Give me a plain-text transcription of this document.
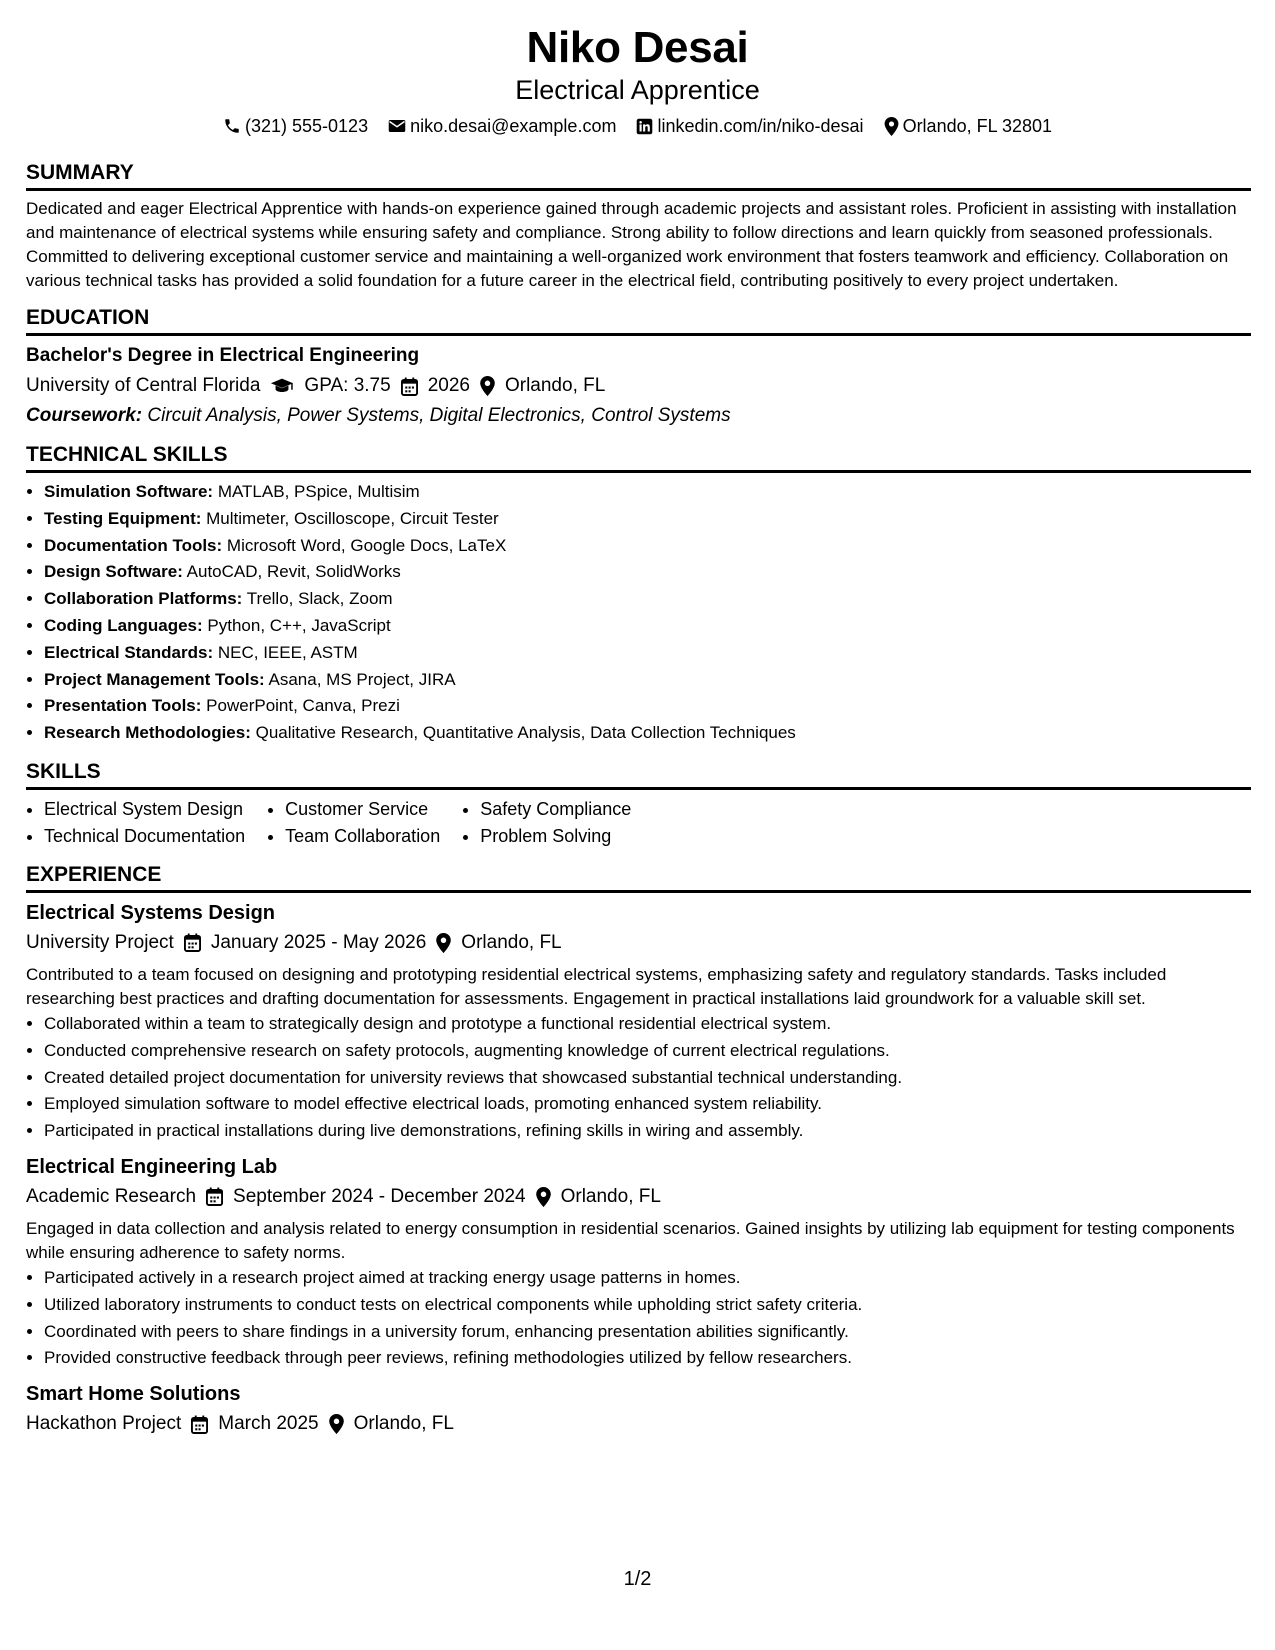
Niko Desai
Electrical Apprentice
(321) 555-0123 niko.desai@example.com linkedin.com/in/niko-desai Orlando, FL 32801
SUMMARY

Dedicated and eager Electrical Apprentice with hands-on experience gained through academic projects and assistant roles. Proficient in assisting with installation and maintenance of electrical systems while ensuring safety and compliance. Strong ability to follow directions and learn quickly from seasoned professionals. Committed to delivering exceptional customer service and maintaining a well-organized work environment that fosters teamwork and efficiency. Collaboration on various technical tasks has provided a solid foundation for a future career in the electrical field, contributing positively to every project undertaken.

EDUCATION
Bachelor's Degree in Electrical Engineering
University of Central Florida GPA: 3.75 2026 Orlando, FL
Coursework: Circuit Analysis, Power Systems, Digital Electronics, Control Systems
TECHNICAL SKILLS
• Simulation Software: MATLAB, PSpice, Multisim
• Testing Equipment: Multimeter, Oscilloscope, Circuit Tester
• Documentation Tools: Microsoft Word, Google Docs, LaTeX
• Design Software: AutoCAD, Revit, SolidWorks
• Collaboration Platforms: Trello, Slack, Zoom
• Coding Languages: Python, C++, JavaScript
• Electrical Standards: NEC, IEEE, ASTM
• Project Management Tools: Asana, MS Project, JIRA
• Presentation Tools: PowerPoint, Canva, Prezi
• Research Methodologies: Qualitative Research, Quantitative Analysis, Data Collection Techniques
SKILLS
• Electrical System Design
• Technical Documentation
• Customer Service
• Team Collaboration
• Safety Compliance
• Problem Solving
EXPERIENCE
Electrical Systems Design
University Project January 2025 - May 2026 Orlando, FL

Contributed to a team focused on designing and prototyping residential electrical systems, emphasizing safety and regulatory standards. Tasks included researching best practices and drafting documentation for assessments. Engagement in practical installations laid groundwork for a valuable skill set.

• Collaborated within a team to strategically design and prototype a functional residential electrical system.
• Conducted comprehensive research on safety protocols, augmenting knowledge of current electrical regulations.
• Created detailed project documentation for university reviews that showcased substantial technical understanding.
• Employed simulation software to model effective electrical loads, promoting enhanced system reliability.
• Participated in practical installations during live demonstrations, refining skills in wiring and assembly.
Electrical Engineering Lab
Academic Research September 2024 - December 2024 Orlando, FL

Engaged in data collection and analysis related to energy consumption in residential scenarios. Gained insights by utilizing lab equipment for testing components while ensuring adherence to safety norms.

• Participated actively in a research project aimed at tracking energy usage patterns in homes.
• Utilized laboratory instruments to conduct tests on electrical components while upholding strict safety criteria.
• Coordinated with peers to share findings in a university forum, enhancing presentation abilities significantly.
• Provided constructive feedback through peer reviews, refining methodologies utilized by fellow researchers.
Smart Home Solutions
Hackathon Project March 2025 Orlando, FL
1/2
